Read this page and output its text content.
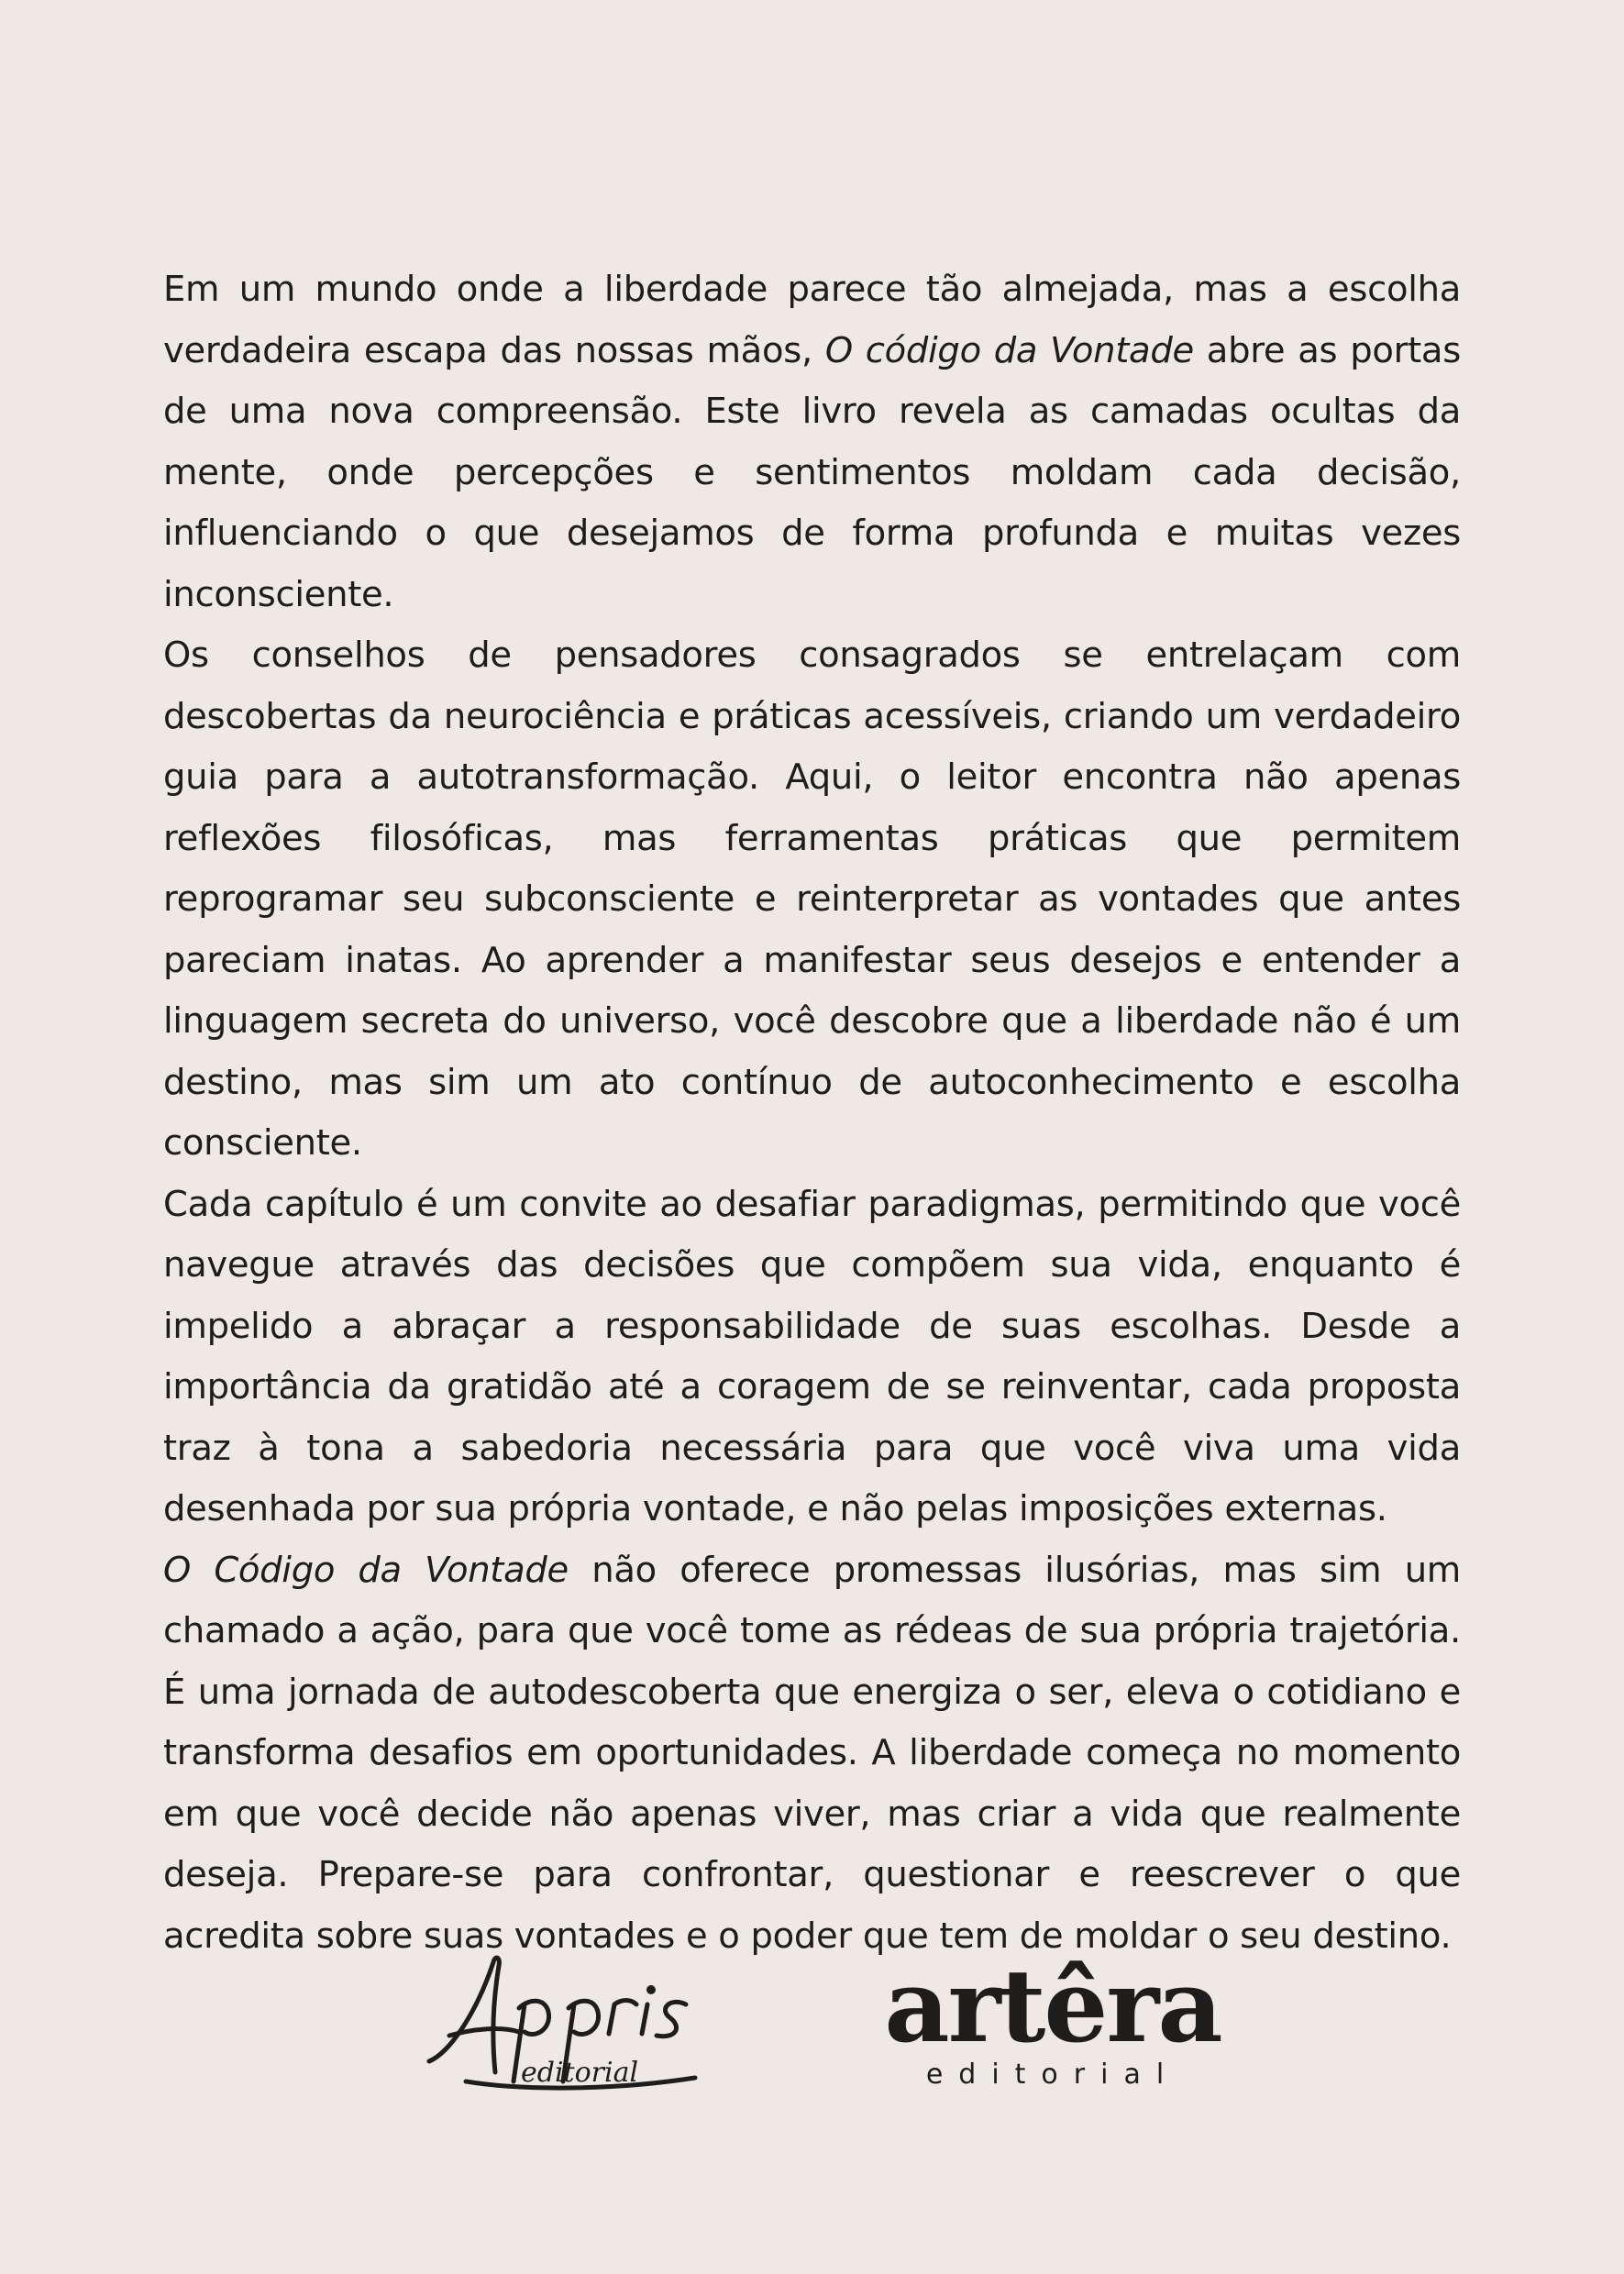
Em um mundo onde a liberdade parece tão almejada, mas a escolha verdadeira escapa das nossas mãos, O código da Vontade abre as portas de uma nova compreensão. Este livro revela as camadas ocultas da mente, onde percepções e sentimentos moldam cada decisão, influenciando o que desejamos de forma profunda e muitas vezes inconsciente.

Os conselhos de pensadores consagrados se entrelaçam com descobertas da neurociência e práticas acessíveis, criando um verdadeiro guia para a autotransformação. Aqui, o leitor encontra não apenas reflexões filosóficas, mas ferramentas práticas que permitem reprogramar seu subconsciente e reinterpretar as vontades que antes pareciam inatas. Ao aprender a manifestar seus desejos e entender a linguagem secreta do universo, você descobre que a liberdade não é um destino, mas sim um ato contínuo de autoconhecimento e escolha consciente.

Cada capítulo é um convite ao desafiar paradigmas, permitindo que você navegue através das decisões que compõem sua vida, enquanto é impelido a abraçar a responsabilidade de suas escolhas. Desde a importância da gratidão até a coragem de se reinventar, cada proposta traz à tona a sabedoria necessária para que você viva uma vida desenhada por sua própria vontade, e não pelas imposições externas.

O Código da Vontade não oferece promessas ilusórias, mas sim um chamado a ação, para que você tome as rédeas de sua própria trajetória. É uma jornada de autodescoberta que energiza o ser, eleva o cotidiano e transforma desafios em oportunidades. A liberdade começa no momento em que você decide não apenas viver, mas criar a vida que realmente deseja. Prepare-se para confrontar, questionar e reescrever o que acredita sobre suas vontades e o poder que tem de moldar o seu destino.

editorial
artêra
editorial
